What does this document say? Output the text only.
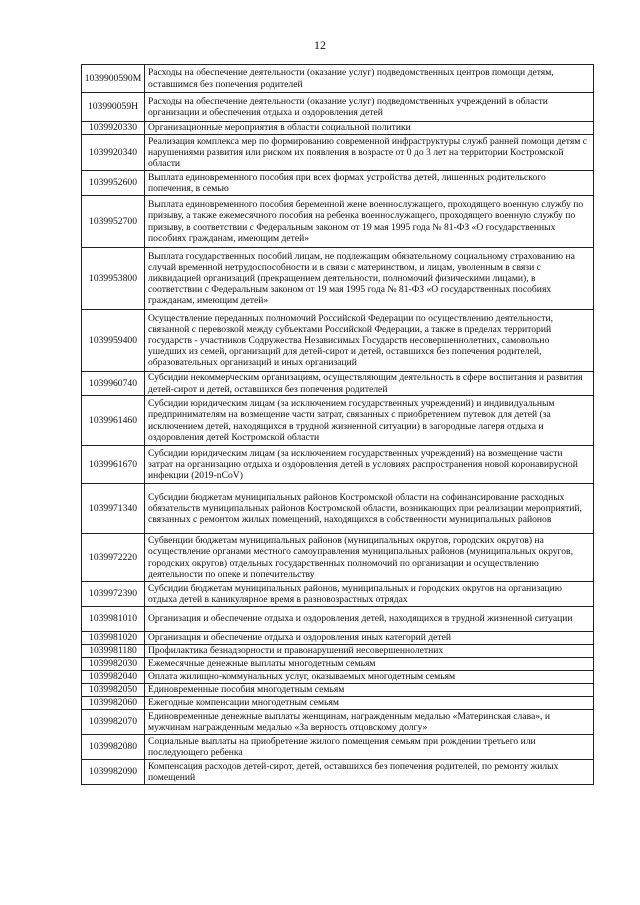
12
1039900590М	Расходы на обеспечение деятельности (оказание услуг) подведомственных центров помощи детям, оставшимся без попечения родителей
103990059Н	Расходы на обеспечение деятельности (оказание услуг) подведомственных учреждений в области организации и обеспечения отдыха и оздоровления детей
1039920330	Организационные мероприятия в области социальной политики
1039920340	Реализация комплекса мер по формированию современной инфраструктуры служб ранней помощи детям с нарушениями развития или риском их появления в возрасте от 0 до 3 лет на территории Костромской области
1039952600	Выплата единовременного пособия при всех формах устройства детей, лишенных родительского попечения, в семью
1039952700	Выплата единовременного пособия беременной жене военнослужащего, проходящего военную службу по призыву, а также ежемесячного пособия на ребенка военнослужащего, проходящего военную службу по призыву, в соответствии с Федеральным законом от 19 мая 1995 года № 81-ФЗ «О государственных пособиях гражданам, имеющим детей»
1039953800	Выплата государственных пособий лицам, не подлежащим обязательному социальному страхованию на случай временной нетрудоспособности и в связи с материнством, и лицам, уволенным в связи с ликвидацией организаций (прекращением деятельности, полномочий физическими лицами), в соответствии с Федеральным законом от 19 мая 1995 года № 81-ФЗ «О государственных пособиях гражданам, имеющим детей»
1039959400	Осуществление переданных полномочий Российской Федерации по осуществлению деятельности, связанной с перевозкой между субъектами Российской Федерации, а также в пределах территорий государств - участников Содружества Независимых Государств несовершеннолетних, самовольно ушедших из семей, организаций для детей-сирот и детей, оставшихся без попечения родителей, образовательных организаций и иных организаций
1039960740	Субсидии некоммерческим организациям, осуществляющим деятельность в сфере воспитания и развития детей-сирот и детей, оставшихся без попечения родителей
1039961460	Субсидии юридическим лицам (за исключением государственных учреждений) и индивидуальным предпринимателям на возмещение части затрат, связанных с приобретением путевок для детей (за исключением детей, находящихся в трудной жизненной ситуации) в загородные лагеря отдыха и оздоровления детей Костромской области
1039961670	Субсидии юридическим лицам (за исключением государственных учреждений) на возмещение части затрат на организацию отдыха и оздоровления детей в условиях распространения новой коронавирусной инфекции (2019-nCoV)
1039971340	Субсидии бюджетам муниципальных районов Костромской области на софинансирование расходных обязательств муниципальных районов Костромской области, возникающих при реализации мероприятий, связанных с ремонтом жилых помещений, находящихся в собственности муниципальных районов
1039972220	Субвенции бюджетам муниципальных районов (муниципальных округов, городских округов) на осуществление органами местного самоуправления муниципальных районов (муниципальных округов, городских округов) отдельных государственных полномочий по организации и осуществлению деятельности по опеке и попечительству
1039972390	Субсидии бюджетам муниципальных районов, муниципальных и городских округов на организацию отдыха детей в каникулярное время в разновозрастных отрядах
1039981010	Организация и обеспечение отдыха и оздоровления детей, находящихся в трудной жизненной ситуации
1039981020	Организация и обеспечение отдыха и оздоровления иных категорий детей
1039981180	Профилактика безнадзорности и правонарушений несовершеннолетних
1039982030	Ежемесячные денежные выплаты многодетным семьям
1039982040	Оплата жилищно-коммунальных услуг, оказываемых многодетным семьям
1039982050	Единовременные пособия многодетным семьям
1039982060	Ежегодные компенсации многодетным семьям
1039982070	Единовременные денежные выплаты женщинам, награжденным медалью «Материнская слава», и мужчинам награжденным медалью «За верность отцовскому долгу»
1039982080	Социальные выплаты на приобретение жилого помещения семьям при рождении третьего или последующего ребенка
1039982090	Компенсация расходов детей-сирот, детей, оставшихся без попечения родителей, по ремонту жилых помещений
